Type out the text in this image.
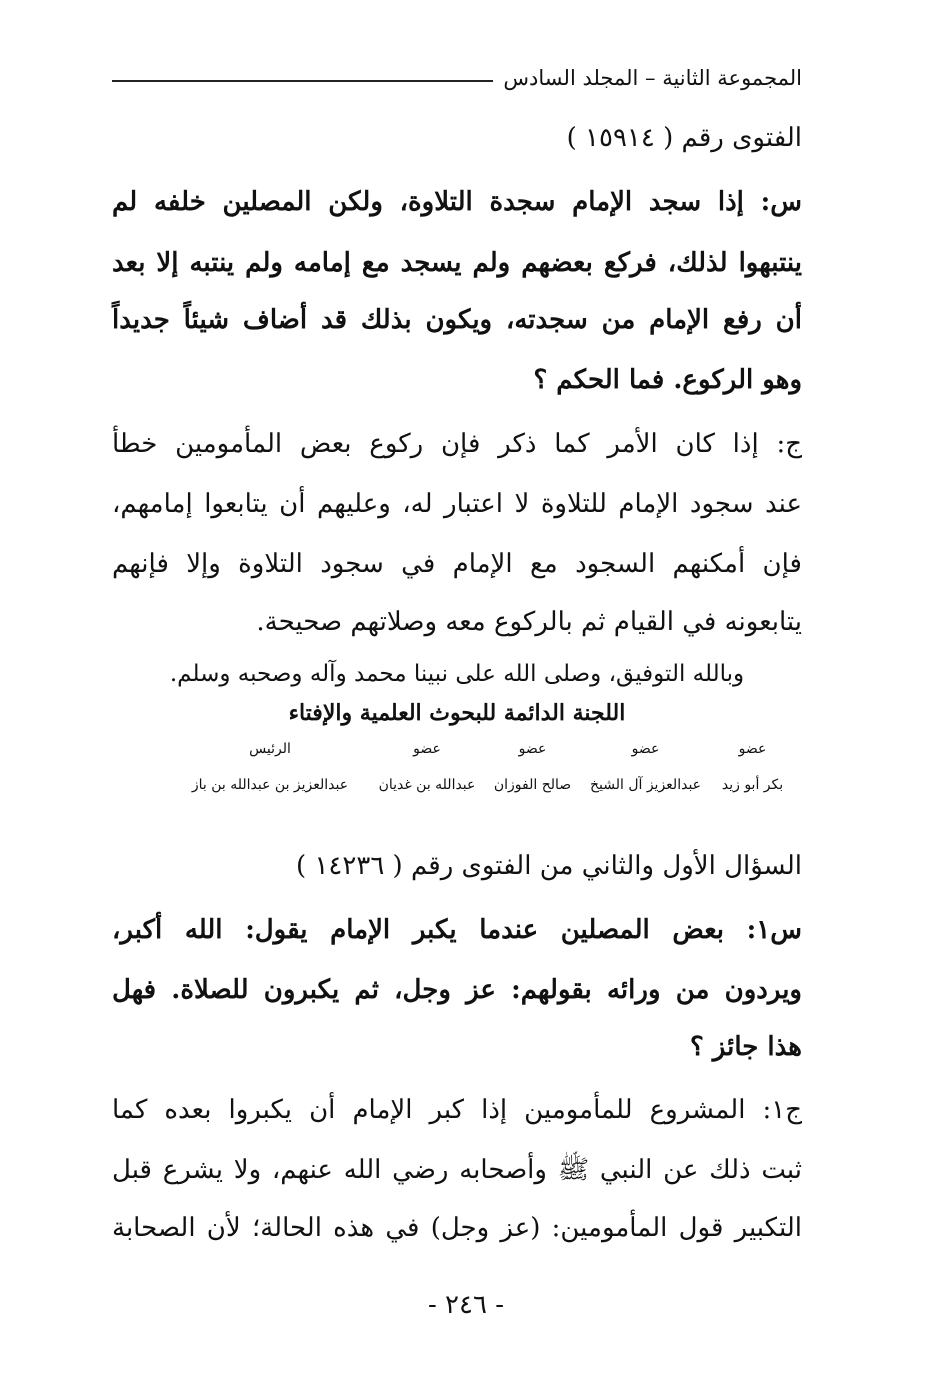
المجموعة الثانية – المجلد السادس
الفتوى رقم ( ١٥٩١٤ )
س: إذا سجد الإمام سجدة التلاوة، ولكن المصلين خلفه لم
ينتبهوا لذلك، فركع بعضهم ولم يسجد مع إمامه ولم ينتبه إلا بعد
أن رفع الإمام من سجدته، ويكون بذلك قد أضاف شيئاً جديداً
وهو الركوع. فما الحكم ؟
ج: إذا كان الأمر كما ذكر فإن ركوع بعض المأمومين خطأ
عند سجود الإمام للتلاوة لا اعتبار له، وعليهم أن يتابعوا إمامهم،
فإن أمكنهم السجود مع الإمام في سجود التلاوة وإلا فإنهم
يتابعونه في القيام ثم بالركوع معه وصلاتهم صحيحة.
وبالله التوفيق، وصلى الله على نبينا محمد وآله وصحبه وسلم.
اللجنة الدائمة للبحوث العلمية والإفتاء
عضو
بكر أبو زيد
عضو
عبدالعزيز آل الشيخ
عضو
صالح الفوزان
عضو
عبدالله بن غديان
الرئيس
عبدالعزيز بن عبدالله بن باز
السؤال الأول والثاني من الفتوى رقم ( ١٤٢٣٦ )
س١: بعض المصلين عندما يكبر الإمام يقول: الله أكبر،
ويردون من ورائه بقولهم: عز وجل، ثم يكبرون للصلاة. فهل
هذا جائز ؟
ج١: المشروع للمأمومين إذا كبر الإمام أن يكبروا بعده كما
ثبت ذلك عن النبي ﷺ وأصحابه رضي الله عنهم، ولا يشرع قبل
التكبير قول المأمومين: (عز وجل) في هذه الحالة؛ لأن الصحابة
- ٢٤٦ -
